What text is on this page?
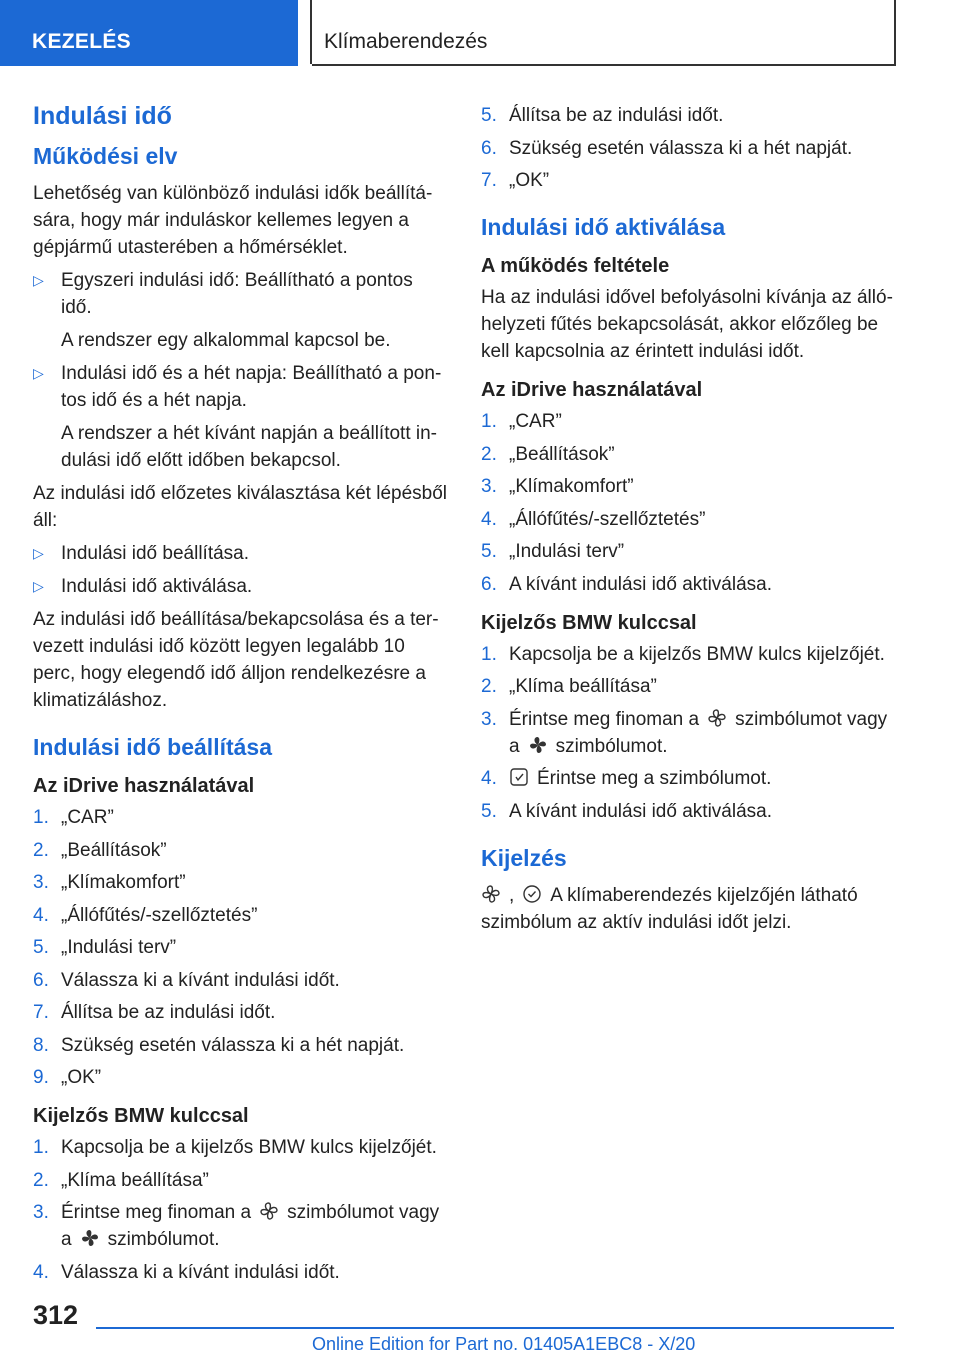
KEZELÉS	Klímaberendezés
Indulási idő
Működési elv

Lehetőség van különböző indulási idők beállítá-sára, hogy már induláskor kellemes legyen a gépjármű utasterében a hőmérséklet.

▷ Egyszeri indulási idő: Beállítható a pontos idő.
A rendszer egy alkalommal kapcsol be.
▷ Indulási idő és a hét napja: Beállítható a pon-tos idő és a hét napja.
A rendszer a hét kívánt napján a beállított in-dulási idő előtt időben bekapcsol.

Az indulási idő előzetes kiválasztása két lépésből áll:

▷ Indulási idő beállítása.
▷ Indulási idő aktiválása.

Az indulási idő beállítása/bekapcsolása és a ter-vezett indulási idő között legyen legalább 10 perc, hogy elegendő idő álljon rendelkezésre a klimatizáláshoz.

Indulási idő beállítása
Az iDrive használatával
1. „CAR”
2. „Beállítások”
3. „Klímakomfort”
4. „Állófűtés/-szellőztetés”
5. „Indulási terv”
6. Válassza ki a kívánt indulási időt.
7. Állítsa be az indulási időt.
8. Szükség esetén válassza ki a hét napját.
9. „OK”
Kijelzős BMW kulccsal
1. Kapcsolja be a kijelzős BMW kulcs kijelzőjét.
2. „Klíma beállítása”
3. Érintse meg finoman a szimbólumot vagy a szimbólumot.
4. Válassza ki a kívánt indulási időt.
5. Állítsa be az indulási időt.
6. Szükség esetén válassza ki a hét napját.
7. „OK”
Indulási idő aktiválása
A működés feltétele

Ha az indulási idővel befolyásolni kívánja az álló-helyzeti fűtés bekapcsolását, akkor előzőleg be kell kapcsolnia az érintett indulási időt.

Az iDrive használatával
1. „CAR”
2. „Beállítások”
3. „Klímakomfort”
4. „Állófűtés/-szellőztetés”
5. „Indulási terv”
6. A kívánt indulási idő aktiválása.
Kijelzős BMW kulccsal
1. Kapcsolja be a kijelzős BMW kulcs kijelzőjét.
2. „Klíma beállítása”
3. Érintse meg finoman a szimbólumot vagy a szimbólumot.
4. Érintse meg a szimbólumot.
5. A kívánt indulási idő aktiválása.
Kijelzés

, A klímaberendezés kijelzőjén látható szimbólum az aktív indulási időt jelzi.

312
Online Edition for Part no. 01405A1EBC8 - X/20
